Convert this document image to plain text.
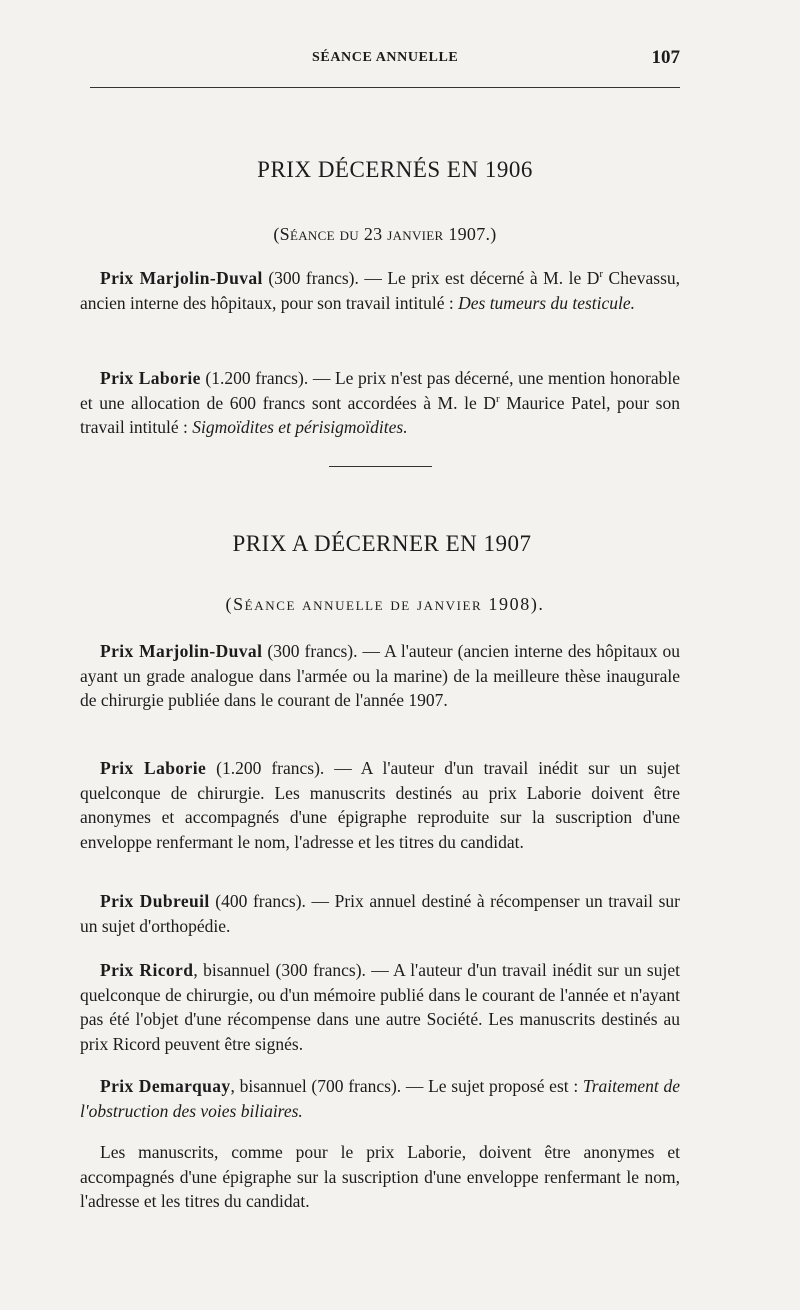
SÉANCE ANNUELLE	107
PRIX DÉCERNÉS EN 1906
(Séance du 23 janvier 1907.)
Prix Marjolin-Duval (300 francs). — Le prix est décerné à M. le $D^r$ Chevassu, ancien interne des hôpitaux, pour son travail intitulé : Des tumeurs du testicule.
Prix Laborie (1.200 francs). — Le prix n'est pas décerné, une mention honorable et une allocation de 600 francs sont accordées à M. le $D^r$ Maurice Patel, pour son travail intitulé : Sigmoïdites et périsigmoïdites.
PRIX A DÉCERNER EN 1907
(Séance annuelle de janvier 1908).
Prix Marjolin-Duval (300 francs). — A l'auteur (ancien interne des hôpitaux ou ayant un grade analogue dans l'armée ou la marine) de la meilleure thèse inaugurale de chirurgie publiée dans le courant de l'année 1907.
Prix Laborie (1.200 francs). — A l'auteur d'un travail inédit sur un sujet quelconque de chirurgie. Les manuscrits destinés au prix Laborie doivent être anonymes et accompagnés d'une épigraphe reproduite sur la suscription d'une enveloppe renfermant le nom, l'adresse et les titres du candidat.
Prix Dubreuil (400 francs). — Prix annuel destiné à récompenser un travail sur un sujet d'orthopédie.
Prix Ricord, bisannuel (300 francs). — A l'auteur d'un travail inédit sur un sujet quelconque de chirurgie, ou d'un mémoire publié dans le courant de l'année et n'ayant pas été l'objet d'une récompense dans une autre Société. Les manuscrits destinés au prix Ricord peuvent être signés.
Prix Demarquay, bisannuel (700 francs). — Le sujet proposé est : Traitement de l'obstruction des voies biliaires.
Les manuscrits, comme pour le prix Laborie, doivent être anonymes et accompagnés d'une épigraphe sur la suscription d'une enveloppe renfermant le nom, l'adresse et les titres du candidat.
